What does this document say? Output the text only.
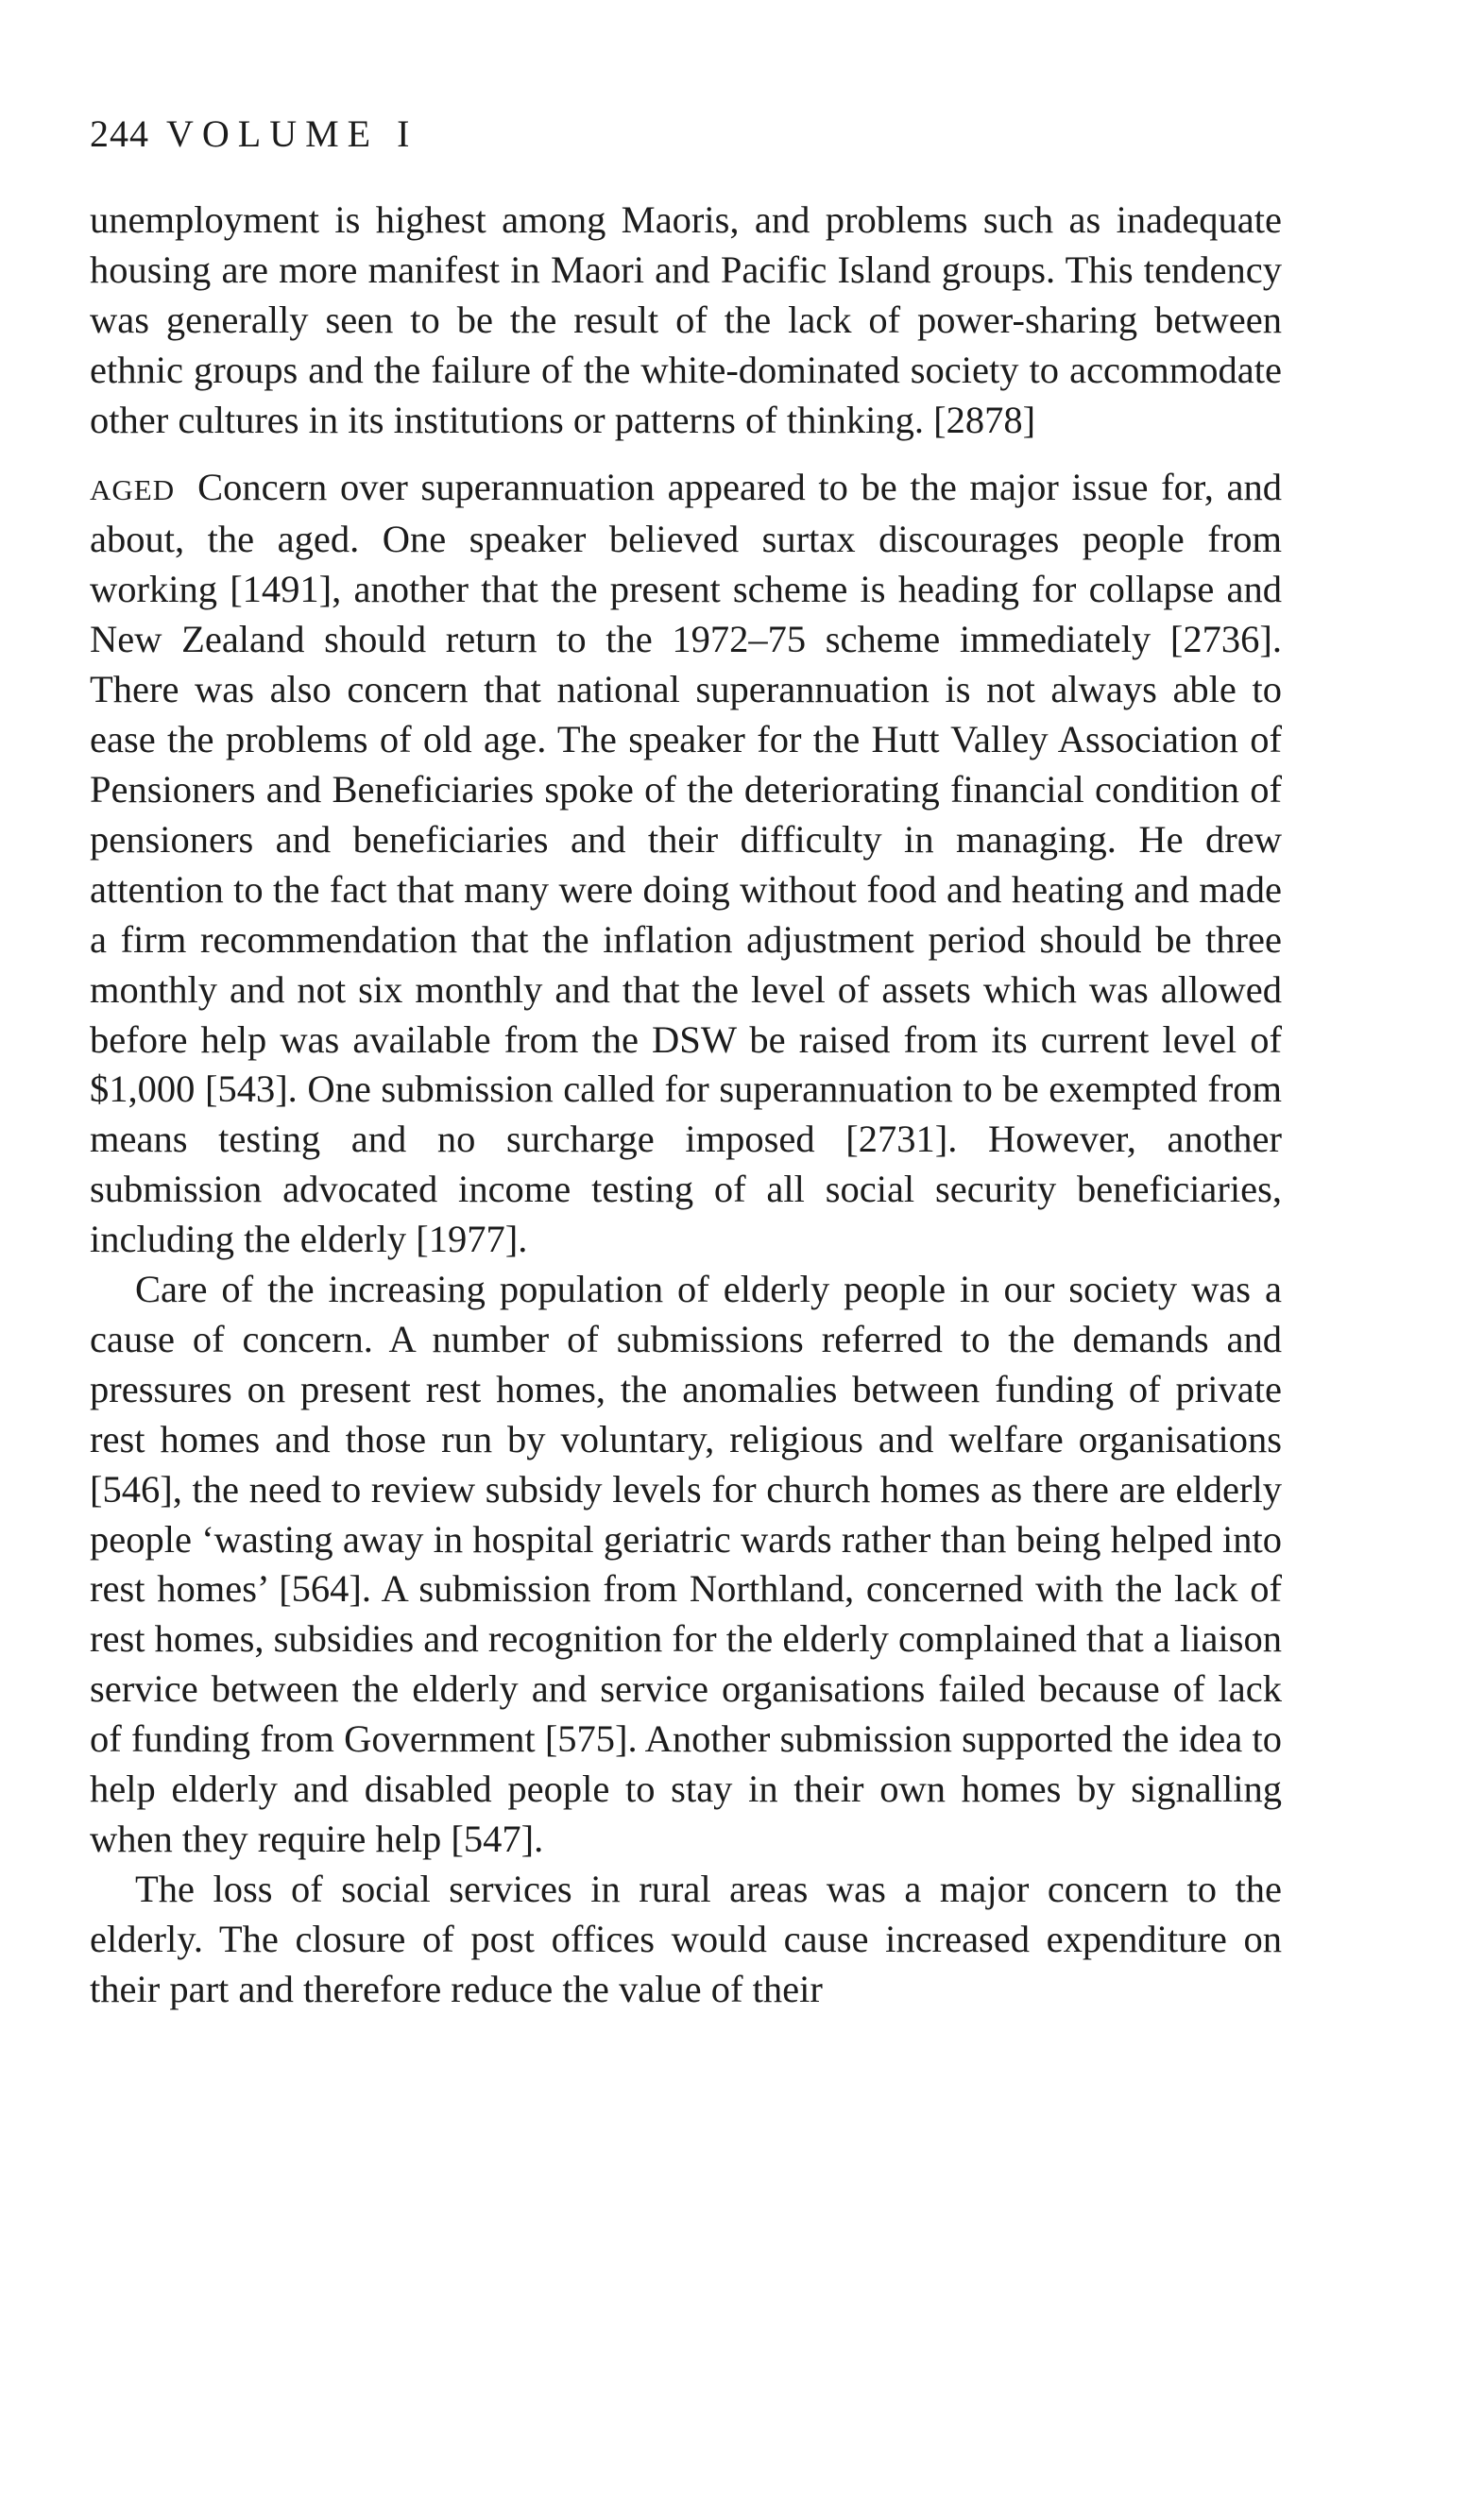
244 VOLUME I

unemployment is highest among Maoris, and problems such as inadequate housing are more manifest in Maori and Pacific Island groups. This tendency was generally seen to be the result of the lack of power-sharing between ethnic groups and the failure of the white-dominated society to accommodate other cultures in its institutions or patterns of thinking. [2878]

AGED Concern over superannuation appeared to be the major issue for, and about, the aged. One speaker believed surtax discourages people from working [1491], another that the present scheme is heading for collapse and New Zealand should return to the 1972–75 scheme immediately [2736]. There was also concern that national superannuation is not always able to ease the problems of old age. The speaker for the Hutt Valley Association of Pensioners and Beneficiaries spoke of the deteriorating financial condition of pensioners and beneficiaries and their difficulty in managing. He drew attention to the fact that many were doing without food and heating and made a firm recommendation that the inflation adjustment period should be three monthly and not six monthly and that the level of assets which was allowed before help was available from the DSW be raised from its current level of $1,000 [543]. One submission called for superannuation to be exempted from means testing and no surcharge imposed [2731]. However, another submission advocated income testing of all social security beneficiaries, including the elderly [1977].

Care of the increasing population of elderly people in our society was a cause of concern. A number of submissions referred to the demands and pressures on present rest homes, the anomalies between funding of private rest homes and those run by voluntary, religious and welfare organisations [546], the need to review subsidy levels for church homes as there are elderly people ‘wasting away in hospital geriatric wards rather than being helped into rest homes’ [564]. A submission from Northland, concerned with the lack of rest homes, subsidies and recognition for the elderly complained that a liaison service between the elderly and service organisations failed because of lack of funding from Government [575]. Another submission supported the idea to help elderly and disabled people to stay in their own homes by signalling when they require help [547].

The loss of social services in rural areas was a major concern to the elderly. The closure of post offices would cause increased expenditure on their part and therefore reduce the value of their
